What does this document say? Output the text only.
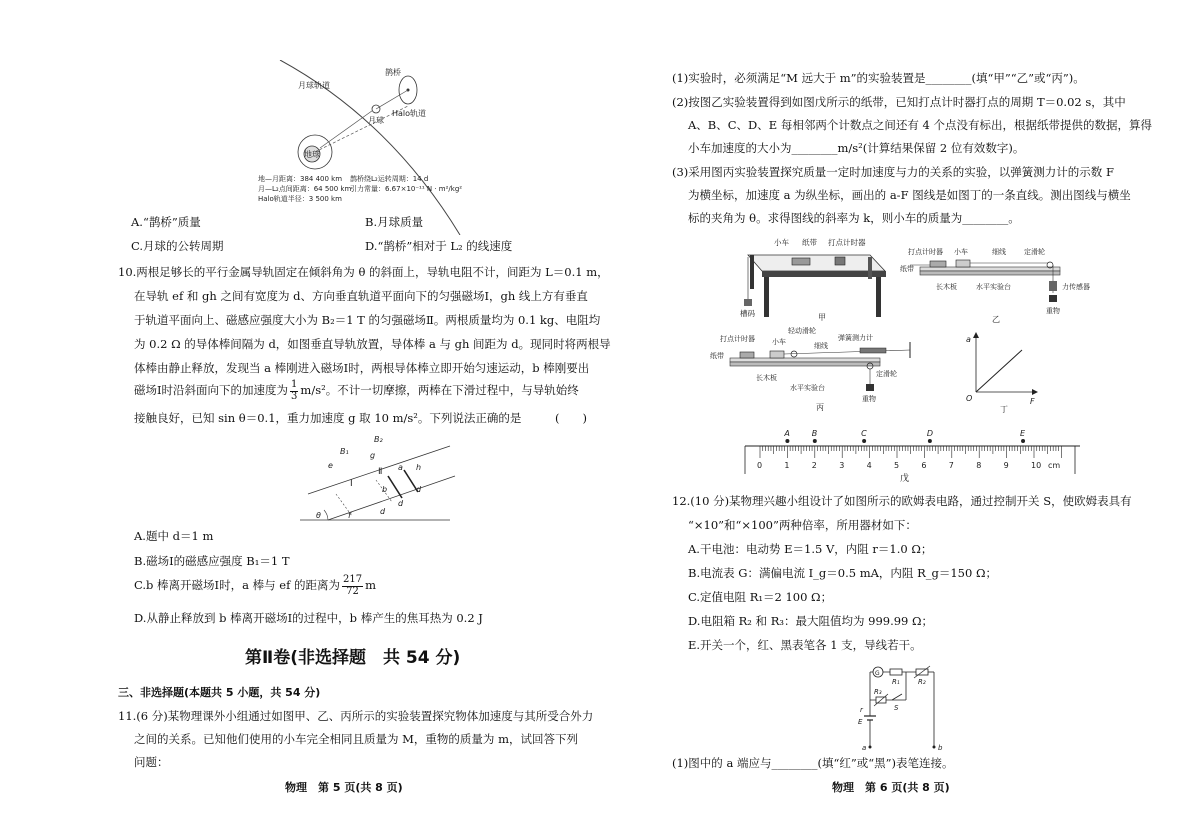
月球轨道
鹊桥
Halo轨道
月球
地球
地—月距离：384 400 km
月—L₂点间距离：64 500 km
Halo轨道半径：3 500 km
鹊桥绕L₂运转周期：14 d
引力常量：6.67×10⁻¹¹ N · m²/kg²
A.“鹊桥”质量	B.月球质量
C.月球的公转周期	D.“鹊桥”相对于 L₂ 的线速度
10.两根足够长的平行金属导轨固定在倾斜角为 θ 的斜面上，导轨电阻不计，间距为 L＝0.1 m，
在导轨 ef 和 gh 之间有宽度为 d、方向垂直轨道平面向下的匀强磁场Ⅰ，gh 线上方有垂直
于轨道平面向上、磁感应强度大小为 B₂＝1 T 的匀强磁场Ⅱ。两根质量均为 0.1 kg、电阻均
为 0.2 Ω 的导体棒间隔为 d，如图垂直导轨放置，导体棒 a 与 gh 间距为 d。现同时将两根导
体棒由静止释放，发现当 a 棒刚进入磁场Ⅰ时，两根导体棒立即开始匀速运动，b 棒刚要出
磁场Ⅰ时沿斜面向下的加速度为 $\frac{1}{3} m/s^2$。不计一切摩擦，两棒在下滑过程中，与导轨始终
接触良好，已知 sin θ＝0.1，重力加速度 g 取 10 m/s²。下列说法正确的是	(　　)
B₁
B₂
e
f
g
h
a
b
Ⅰ
Ⅱ
d
d
d
θ
A.题中 d＝1 m
B.磁场Ⅰ的磁感应强度 B₁＝1 T
C.b 棒离开磁场Ⅰ时，a 棒与 ef 的距离为 $\frac{217}{72}$ m
D.从静止释放到 b 棒离开磁场Ⅰ的过程中，b 棒产生的焦耳热为 0.2 J
第Ⅱ卷(非选择题　共 54 分)
三、非选择题(本题共 5 小题，共 54 分)
11.(6 分)某物理课外小组通过如图甲、乙、丙所示的实验装置探究物体加速度与其所受合外力
之间的关系。已知他们使用的小车完全相同且质量为 M，重物的质量为 m，试回答下列
问题：
物理　第 5 页(共 8 页)
(1)实验时，必须满足“M 远大于 m”的实验装置是________(填“甲”“乙”或“丙”)。
(2)按图乙实验装置得到如图戊所示的纸带，已知打点计时器打点的周期 T＝0.02 s，其中
A、B、C、D、E 每相邻两个计数点之间还有 4 个点没有标出，根据纸带提供的数据，算得
小车加速度的大小为________m/s²(计算结果保留 2 位有效数字)。
(3)采用图丙实验装置探究质量一定时加速度与力的关系的实验，以弹簧测力计的示数 F
为横坐标，加速度 a 为纵坐标，画出的 a-F 图线是如图丁的一条直线。测出图线与横坐
标的夹角为 θ。求得图线的斜率为 k，则小车的质量为________。
小车 纸带 打点计时器
槽码	甲
打点计时器 小车	细线	定滑轮
纸带
力传感器
长木板	水平实验台
重物
乙
打点计时器
轻动滑轮
弹簧测力计
小车	细线
纸带
定滑轮
长木板
水平实验台
重物
丙
a
O	F
丁
0	1	2	3	4	5	6	7	8	9	10 cm
A	B	C	D	E
戊
12.(10 分)某物理兴趣小组设计了如图所示的欧姆表电路，通过控制开关 S，使欧姆表具有
“×10”和“×100”两种倍率，所用器材如下：
A.干电池：电动势 E＝1.5 V，内阻 r＝1.0 Ω；
B.电流表 G：满偏电流 I_g＝0.5 mA，内阻 R_g＝150 Ω；
C.定值电阻 R₁＝2 100 Ω；
D.电阻箱 R₂ 和 R₃：最大阻值均为 999.99 Ω；
E.开关一个，红、黑表笔各 1 支，导线若干。
G
R₁	R₂
R₃
S
r
E
a	b
(1)图中的 a 端应与________(填“红”或“黑”)表笔连接。
物理　第 6 页(共 8 页)
